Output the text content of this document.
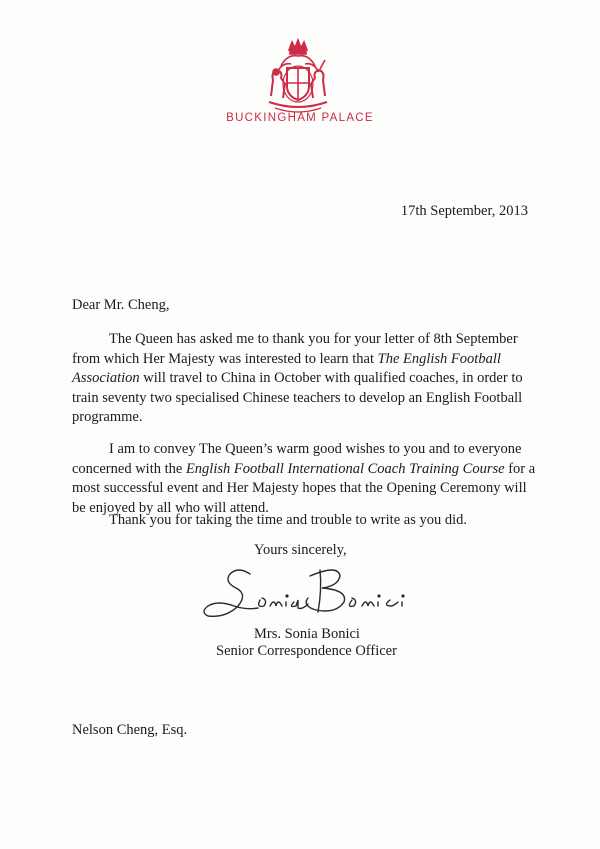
BUCKINGHAM PALACE
17th September, 2013
Dear Mr. Cheng,

The Queen has asked me to thank you for your letter of 8th September from which Her Majesty was interested to learn that The English Football Association will travel to China in October with qualified coaches, in order to train seventy two specialised Chinese teachers to develop an English Football programme.

I am to convey The Queen’s warm good wishes to you and to everyone concerned with the English Football International Coach Training Course for a most successful event and Her Majesty hopes that the Opening Ceremony will be enjoyed by all who will attend.

Thank you for taking the time and trouble to write as you did.

Yours sincerely,
Mrs. Sonia Bonici
Senior Correspondence Officer
Nelson Cheng, Esq.
